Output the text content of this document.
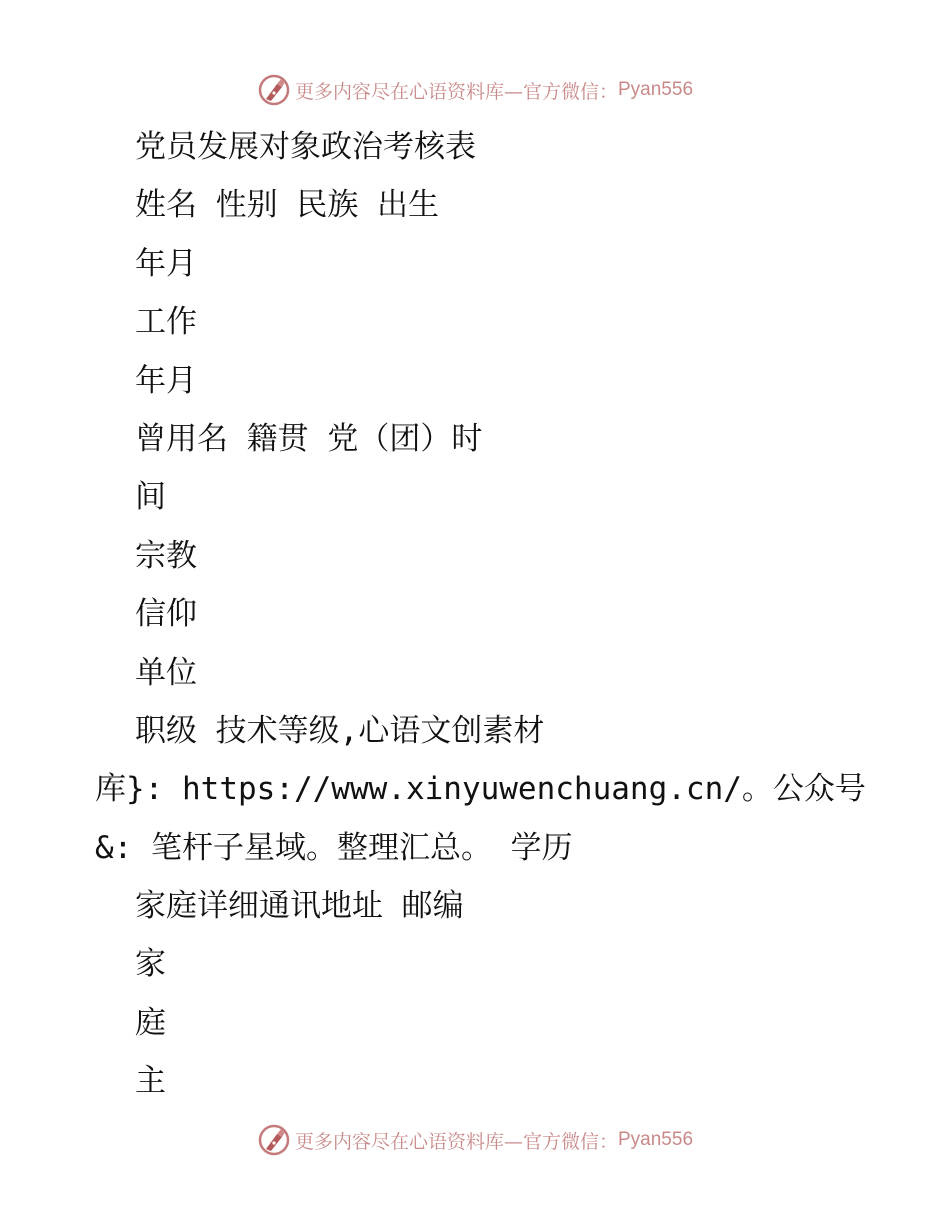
更多内容尽在心语资料库—官方微信： Pyan556
党员发展对象政治考核表
姓名 性别 民族 出生
年月
工作
年月
曾用名 籍贯 党（团）时
间
宗教
信仰
单位
职级 技术等级,心语文创素材
库}: https://www.xinyuwenchuang.cn/。公众号
&: 笔杆子星域。整理汇总。 学历
家庭详细通讯地址 邮编
家
庭
主
更多内容尽在心语资料库—官方微信： Pyan556
